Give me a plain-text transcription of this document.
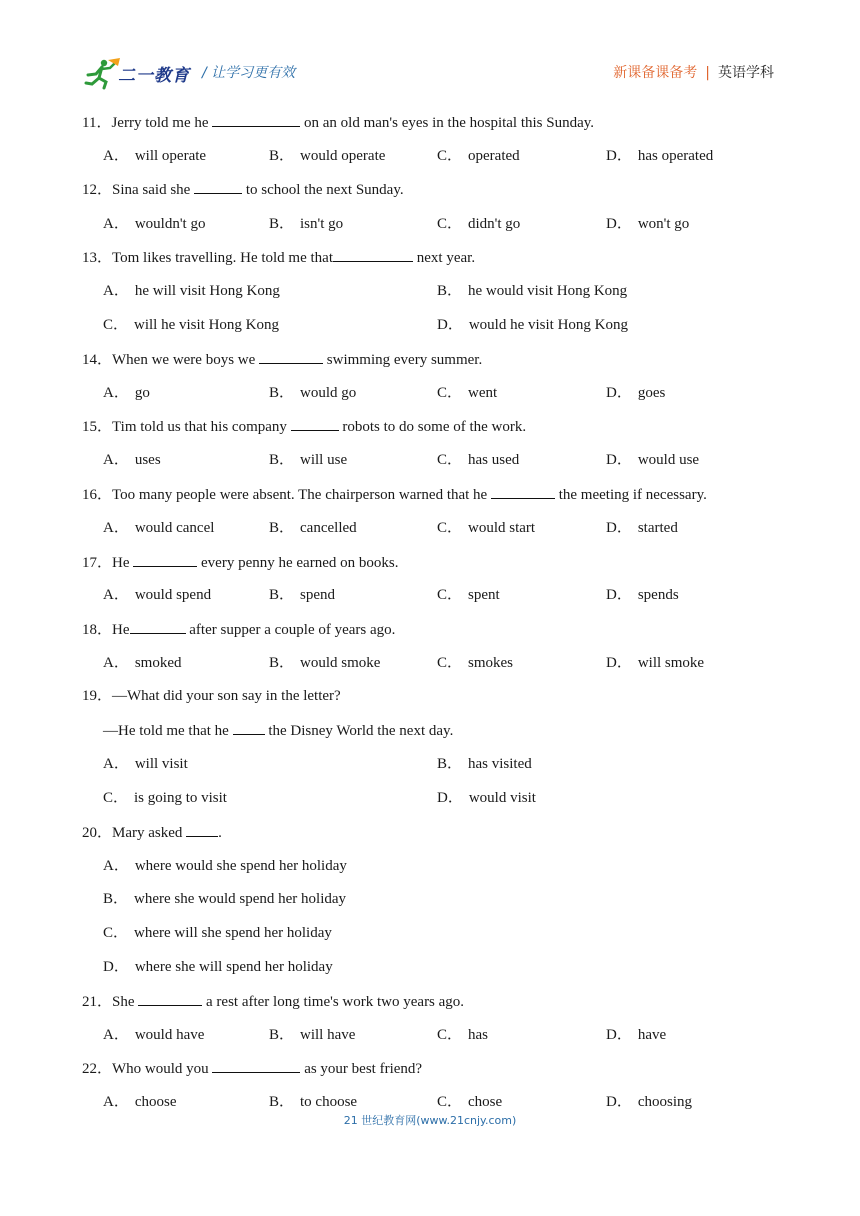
二一教育 / 让学习更有效	新课备课备考 | 英语学科
11．Jerry told me he	on an old man's eyes in the hospital this Sunday.
A． will operate	B． would operate	C． operated	D． has operated
12．Sina said she	to school the next Sunday.
A． wouldn't go	B． isn't go	C． didn't go	D． won't go
13．Tom likes travelling. He told me that	next year.
A． he will visit Hong Kong	B． he would visit Hong Kong
C． will he visit Hong Kong	D． would he visit Hong Kong
14．When we were boys we	swimming every summer.
A． go	B． would go	C． went	D． goes
15．Tim told us that his company	robots to do some of the work.
A． uses	B． will use	C． has used	D． would use
16．Too many people were absent. The chairperson warned that he	the meeting if necessary.
A． would cancel	B． cancelled	C． would start	D． started
17．He	every penny he earned on books.
A． would spend	B． spend	C． spent	D． spends
18．He	after supper a couple of years ago.
A． smoked	B． would smoke	C． smokes	D． will smoke
19．—What did your son say in the letter?
—He told me that he  the Disney World the next day.
A． will visit	B． has visited
C． is going to visit	D． would visit
20．Mary asked .
A． where would she spend her holiday
B． where she would spend her holiday
C． where will she spend her holiday
D． where she will spend her holiday
21．She	a rest after long time's work two years ago.
A． would have	B． will have	C． has	D． have
22．Who would you	as your best friend?
A． choose	B． to choose	C． chose	D． choosing
21 世纪教育网(www.21cnjy.com)
